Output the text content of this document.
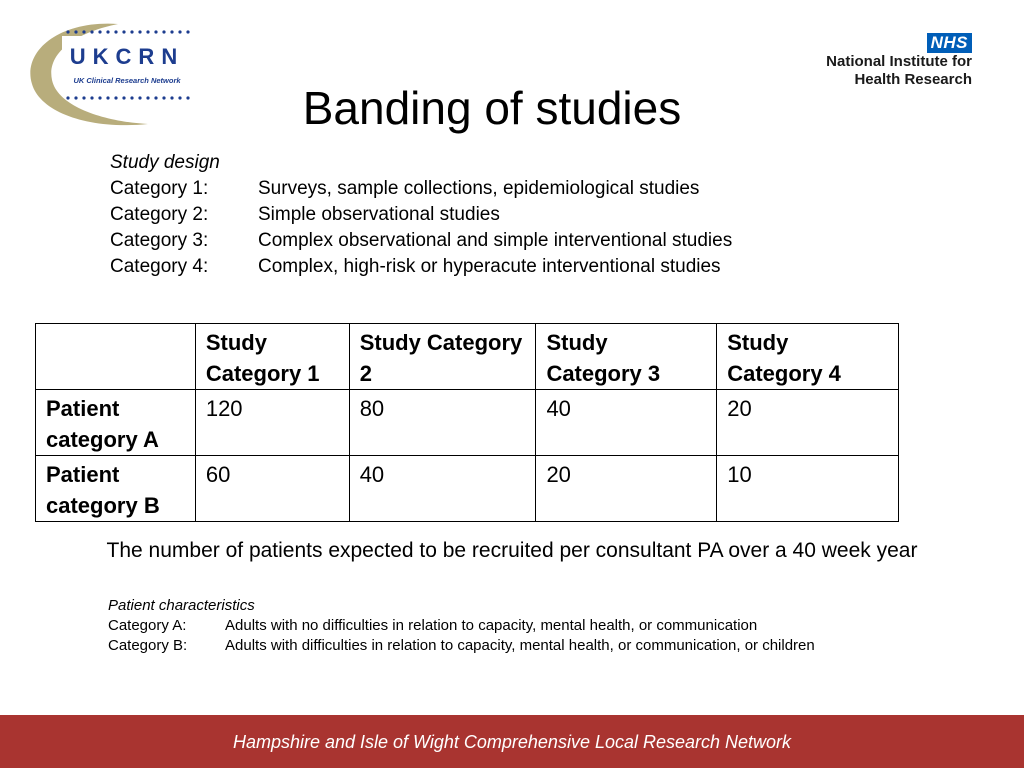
UKCRN
UK Clinical Research Network
NHS
National Institute for
Health Research
Banding of studies
Study design
Category 1:	Surveys, sample collections, epidemiological studies
Category 2:	Simple observational studies
Category 3:	Complex observational and simple interventional studies
Category 4:	Complex, high-risk or hyperacute interventional studies
	Study Category 1	Study Category 2	Study Category 3	Study Category 4
Patient category A	120	80	40	20
Patient category B	60	40	20	10
The number of patients expected to be recruited per consultant PA over a 40 week year
Patient characteristics
Category A:	Adults with no difficulties in relation to capacity, mental health, or communication
Category B:	Adults with difficulties in relation to capacity, mental health, or communication, or children
Hampshire and Isle of Wight Comprehensive Local Research Network
